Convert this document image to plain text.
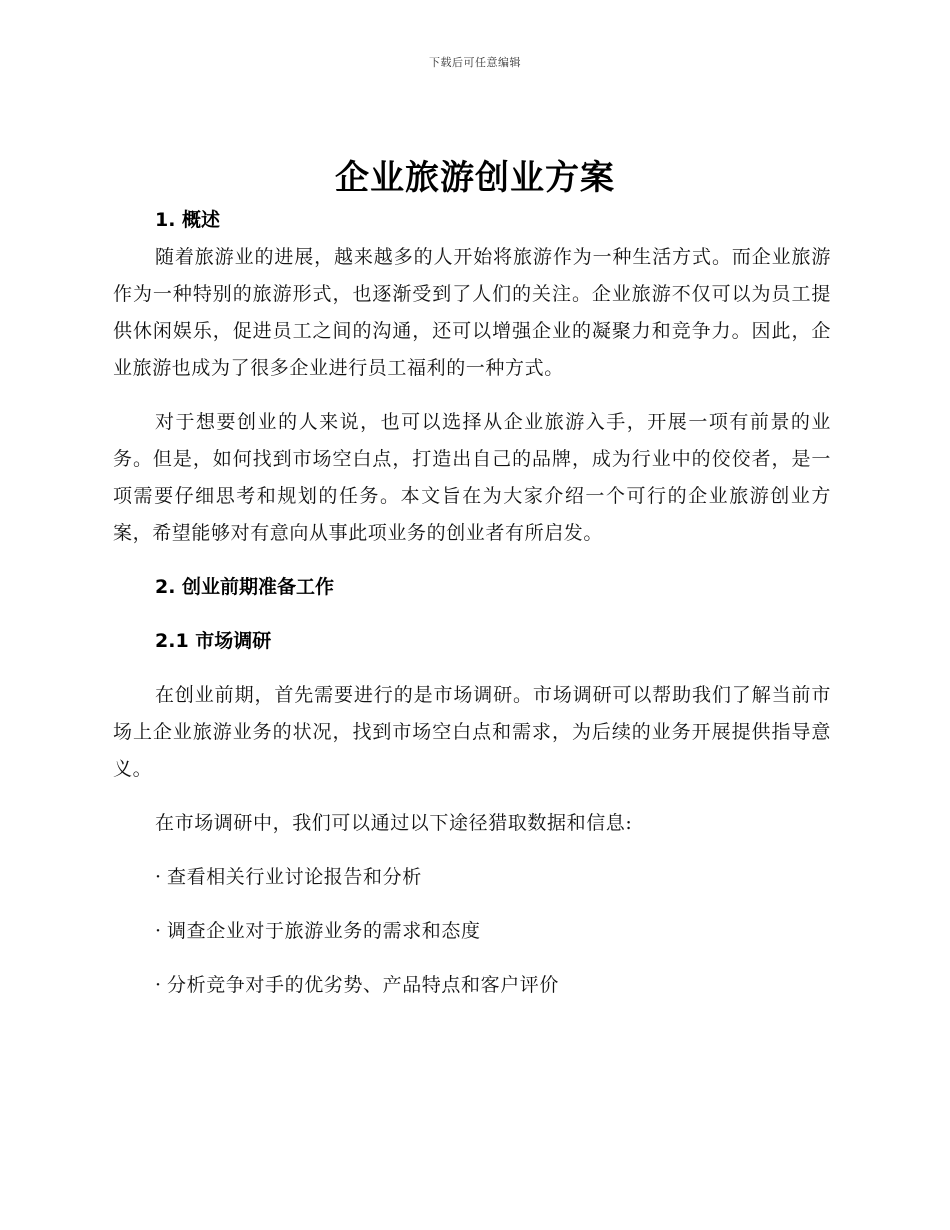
下载后可任意编辑
企业旅游创业方案
1. 概述

随着旅游业的进展，越来越多的人开始将旅游作为一种生活方式。而企业旅游作为一种特别的旅游形式，也逐渐受到了人们的关注。企业旅游不仅可以为员工提供休闲娱乐，促进员工之间的沟通，还可以增强企业的凝聚力和竞争力。因此，企业旅游也成为了很多企业进行员工福利的一种方式。

对于想要创业的人来说，也可以选择从企业旅游入手，开展一项有前景的业务。但是，如何找到市场空白点，打造出自己的品牌，成为行业中的佼佼者，是一项需要仔细思考和规划的任务。本文旨在为大家介绍一个可行的企业旅游创业方案，希望能够对有意向从事此项业务的创业者有所启发。

2. 创业前期准备工作
2.1 市场调研

在创业前期，首先需要进行的是市场调研。市场调研可以帮助我们了解当前市场上企业旅游业务的状况，找到市场空白点和需求，为后续的业务开展提供指导意义。

在市场调研中，我们可以通过以下途径猎取数据和信息:

· 查看相关行业讨论报告和分析

· 调查企业对于旅游业务的需求和态度

· 分析竞争对手的优劣势、产品特点和客户评价
